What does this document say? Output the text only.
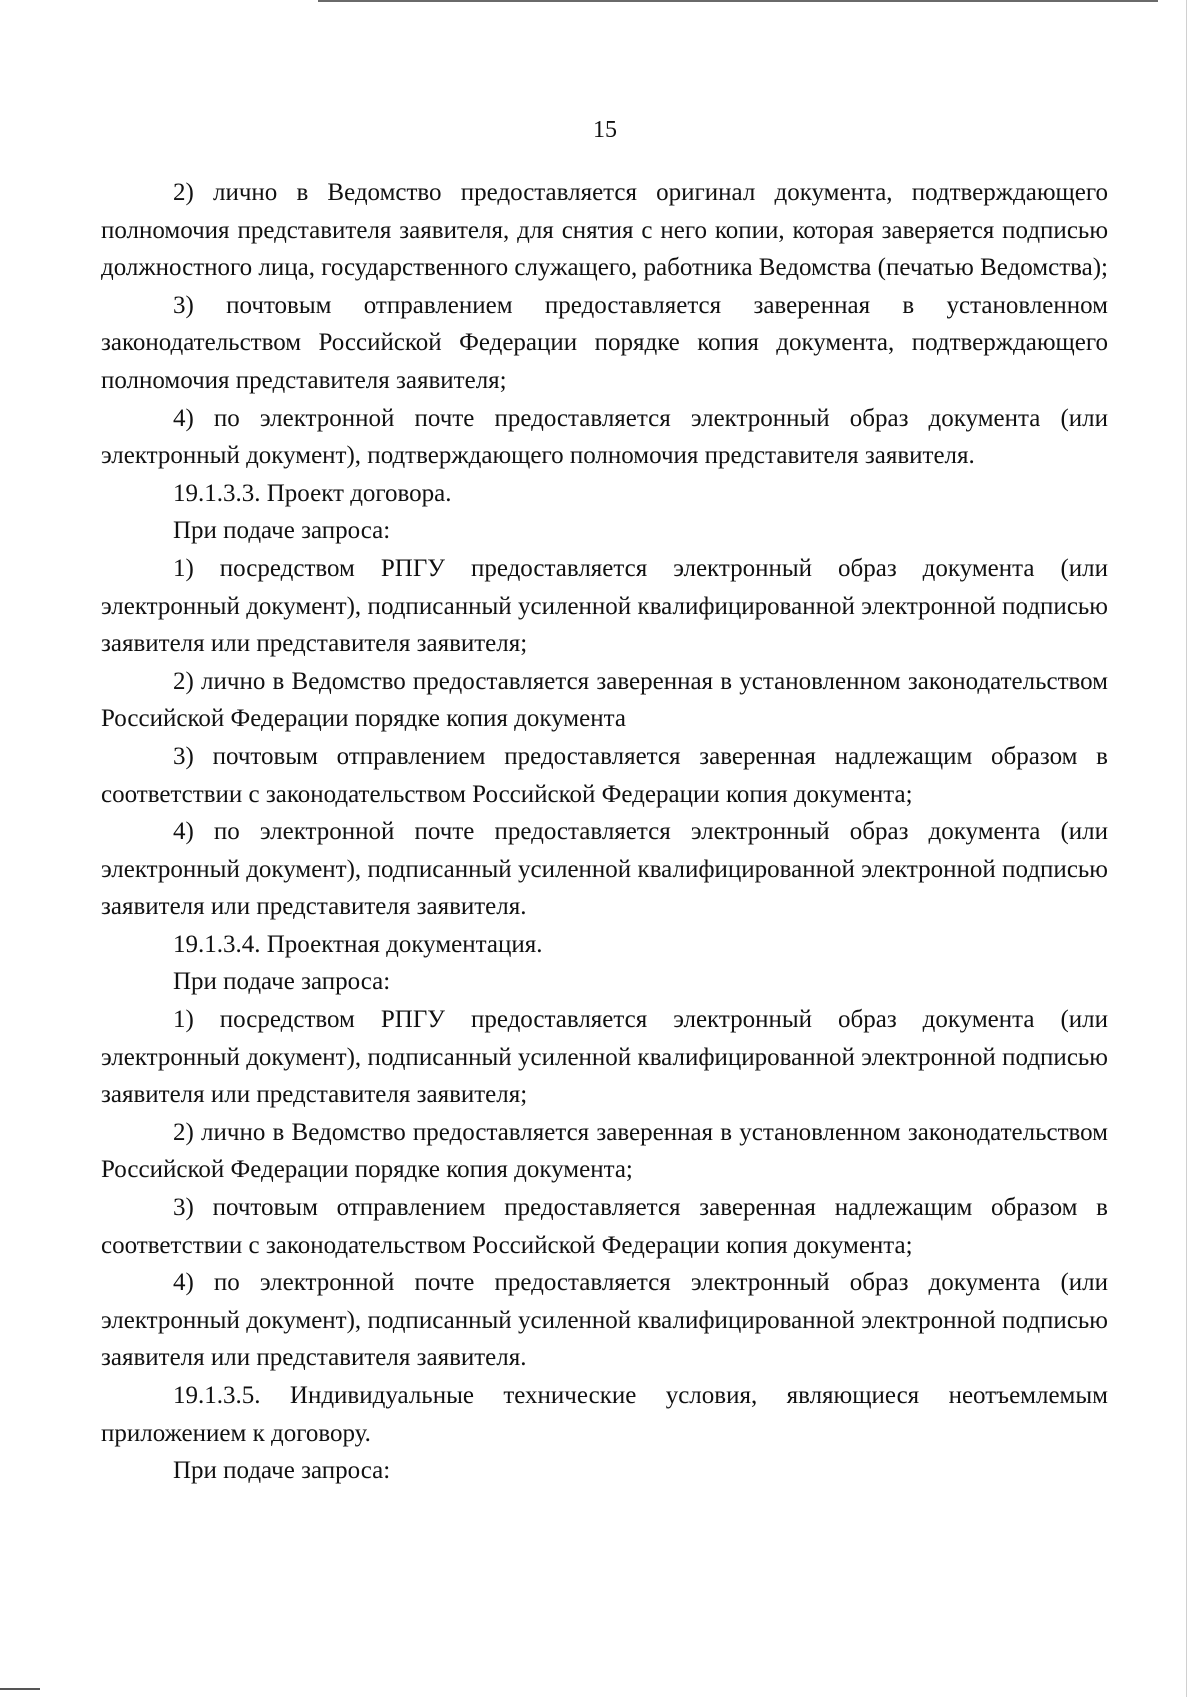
15

2) лично в Ведомство предоставляется оригинал документа, подтверждающего полномочия представителя заявителя, для снятия с него копии, которая заверяется подписью должностного лица, государственного служащего, работника Ведомства (печатью Ведомства);

3) почтовым отправлением предоставляется заверенная в установленном законодательством Российской Федерации порядке копия документа, подтверждающего полномочия представителя заявителя;

4) по электронной почте предоставляется электронный образ документа (или электронный документ), подтверждающего полномочия представителя заявителя.

19.1.3.3. Проект договора.

При подаче запроса:

1) посредством РПГУ предоставляется электронный образ документа (или электронный документ), подписанный усиленной квалифицированной электронной подписью заявителя или представителя заявителя;

2) лично в Ведомство предоставляется заверенная в установленном законодательством Российской Федерации порядке копия документа

3) почтовым отправлением предоставляется заверенная надлежащим образом в соответствии с законодательством Российской Федерации копия документа;

4) по электронной почте предоставляется электронный образ документа (или электронный документ), подписанный усиленной квалифицированной электронной подписью заявителя или представителя заявителя.

19.1.3.4. Проектная документация.

При подаче запроса:

1) посредством РПГУ предоставляется электронный образ документа (или электронный документ), подписанный усиленной квалифицированной электронной подписью заявителя или представителя заявителя;

2) лично в Ведомство предоставляется заверенная в установленном законодательством Российской Федерации порядке копия документа;

3) почтовым отправлением предоставляется заверенная надлежащим образом в соответствии с законодательством Российской Федерации копия документа;

4) по электронной почте предоставляется электронный образ документа (или электронный документ), подписанный усиленной квалифицированной электронной подписью заявителя или представителя заявителя.

19.1.3.5. Индивидуальные технические условия, являющиеся неотъемлемым приложением к договору.

При подаче запроса:
